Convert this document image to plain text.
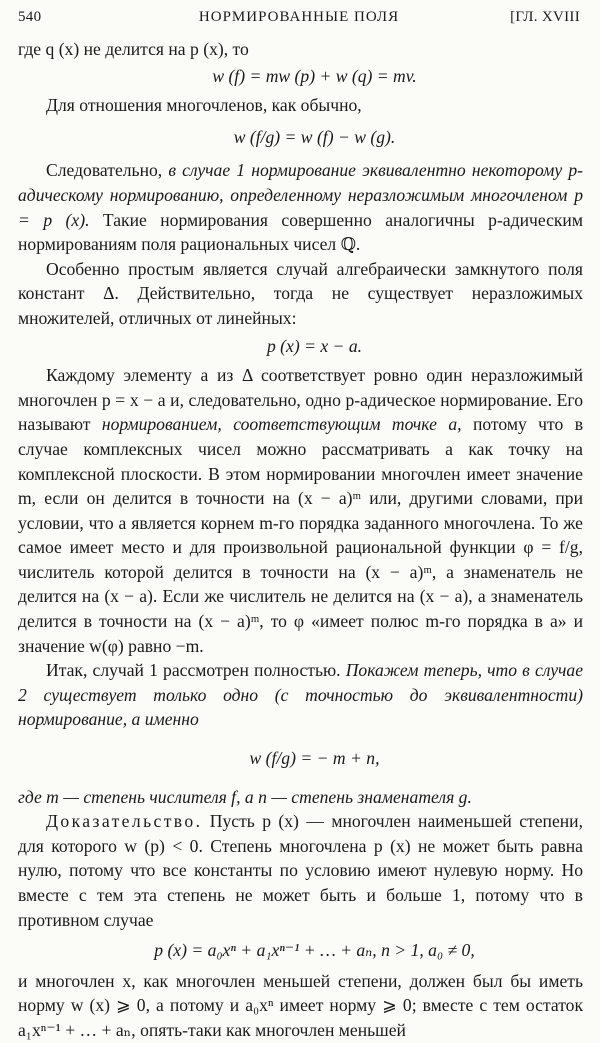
540	НОРМИРОВАННЫЕ ПОЛЯ	[ГЛ. XVIII

где q (x) не делится на p (x), то

w (f) = mw (p) + w (q) = mv.

Для отношения многочленов, как обычно,

w (f/g) = w (f) − w (g).

Следовательно, в случае 1 нормирование эквивалентно некоторому p-адическому нормированию, определенному неразложимым многочленом p = p (x). Такие нормирования совершенно аналогичны p-адическим нормированиям поля рациональных чисел ℚ.

Особенно простым является случай алгебраически замкнутого поля констант Δ. Действительно, тогда не существует неразложимых множителей, отличных от линейных:

p (x) = x − a.

Каждому элементу a из Δ соответствует ровно один неразложимый многочлен p = x − a и, следовательно, одно p-адическое нормирование. Его называют нормированием, соответствующим точке a, потому что в случае комплексных чисел можно рассматривать a как точку на комплексной плоскости. В этом нормировании многочлен имеет значение m, если он делится в точности на (x − a)ᵐ или, другими словами, при условии, что a является корнем m-го порядка заданного многочлена. То же самое имеет место и для произвольной рациональной функции φ = f/g, числитель которой делится в точности на (x − a)ᵐ, а знаменатель не делится на (x − a). Если же числитель не делится на (x − a), а знаменатель делится в точности на (x − a)ᵐ, то φ «имеет полюс m-го порядка в a» и значение w(φ) равно −m.

Итак, случай 1 рассмотрен полностью. Покажем теперь, что в случае 2 существует только одно (с точностью до эквивалентности) нормирование, а именно

w (f/g) = − m + n,

где m — степень числителя f, а n — степень знаменателя g.

Доказательство. Пусть p (x) — многочлен наименьшей степени, для которого w (p) < 0. Степень многочлена p (x) не может быть равна нулю, потому что все константы по условию имеют нулевую норму. Но вместе с тем эта степень не может быть и больше 1, потому что в противном случае

p (x) = a₀xⁿ + a₁xⁿ⁻¹ + … + aₙ, n > 1, a₀ ≠ 0,

и многочлен x, как многочлен меньшей степени, должен был бы иметь норму w (x) ⩾ 0, а потому и a₀xⁿ имеет норму ⩾ 0; вместе с тем остаток a₁xⁿ⁻¹ + … + aₙ, опять-таки как многочлен меньшей
